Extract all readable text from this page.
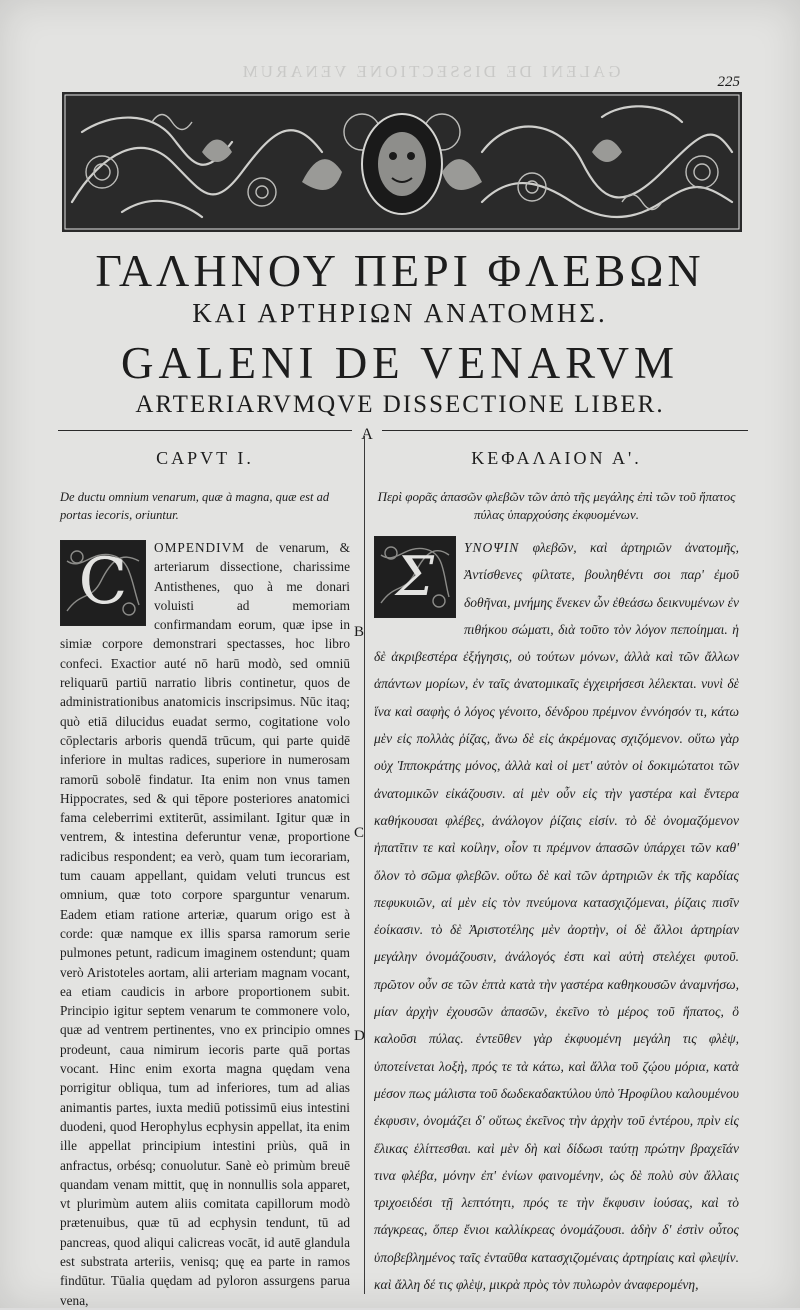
GALENI DE DISSECTIONE VENARUM
225
ΓΑΛΗΝΟΥ ΠΕΡΙ ΦΛΕΒΩΝ
ΚΑΙ ΑΡΤΗΡΙΩΝ ΑΝΑΤΟΜΗΣ.
GALENI DE VENARVM
ARTERIARVMQVE DISSECTIONE LIBER.
A
B
C
D
CAPVT I.
De ductu omnium venarum, quæ à magna, quæ est ad portas iecoris, oriuntur.
C	OMPENDIVM de venarum, & arteriarum dissectione, charissime Antisthenes, quo à me donari voluisti ad memoriam confirmandam eorum, quæ ipse in simiæ corpore demonstrari spectasses, hoc libro confeci. Exactior auté nō harū modò, sed omniū reliquarū partiū narratio libris continetur, quos de administrationibus anatomicis inscripsimus. Nūc itaq; quò etiā dilucidus euadat sermo, cogitatione volo cōplectaris arboris quendā trūcum, qui parte quidē inferiore in multas radices, superiore in numerosam ramorū sobolē findatur. Ita enim non vnus tamen Hippocrates, sed & qui tēpore posteriores anatomici fama celeberrimi extiterūt, assimilant. Igitur quæ in ventrem, & intestina deferuntur venæ, proportione radicibus respondent; ea verò, quam tum iecorariam, tum cauam appellant, quidam veluti truncus est omnium, quæ toto corpore sparguntur venarum. Eadem etiam ratione arteriæ, quarum origo est à corde: quæ namque ex illis sparsa ramorum serie pulmones petunt, radicum imaginem ostendunt; quam verò Aristoteles aortam, alii arteriam magnam vocant, ea etiam caudicis in arbore proportionem subit. Principio igitur septem venarum te commonere volo, quæ ad ventrem pertinentes, vno ex principio omnes prodeunt, caua nimirum iecoris parte quā portas vocant. Hinc enim exorta magna quędam vena porrigitur obliqua, tum ad inferiores, tum ad alias animantis partes, iuxta mediū potissimū eius intestini duodeni, quod Herophylus ecphysin appellat, ita enim ille appellat principium intestini priùs, quā in anfractus, orbésq; conuolutur. Sanè eò primùm breuē quandam venam mittit, quę in nonnullis sola apparet, vt plurimùm autem aliis comitata capillorum modò prætenuibus, quæ tū ad ecphysin tendunt, tū ad pancreas, quod aliqui calicreas vocāt, id autē glandula est substrata arteriis, venisq; quę ea parte in ramos findūtur. Tūalia quędam ad pyloron assurgens parua vena,
ΚΕΦΑΛΑΙΟΝ Α'.
Περὶ φορᾶς ἁπασῶν φλεβῶν τῶν ἀπὸ τῆς μεγάλης ἐπὶ τῶν τοῦ ἥπατος πύλας ὑπαρχούσης ἐκφυομένων.
Σ	ΥΝΟΨΙΝ φλεβῶν, καὶ ἀρτηριῶν ἀνατομῆς, Ἀντίσθενες φίλτατε, βουληθέντι σοι παρ' ἐμοῦ δοθῆναι, μνήμης ἕνεκεν ὧν ἐθεάσω δεικνυμένων ἐν πιθήκου σώματι, διὰ τοῦτο τὸν λόγον πεποίημαι. ἡ δὲ ἀκριβεστέρα ἐξήγησις, οὐ τούτων μόνων, ἀλλὰ καὶ τῶν ἄλλων ἁπάντων μορίων, ἐν ταῖς ἀνατομικαῖς ἐγχειρήσεσι λέλεκται. νυνὶ δὲ ἵνα καὶ σαφὴς ὁ λόγος γένοιτο, δένδρου πρέμνον ἐννόησόν τι, κάτω μὲν εἰς πολλὰς ῥίζας, ἄνω δὲ εἰς ἀκρέμονας σχιζόμενον. οὕτω γὰρ οὐχ Ἱπποκράτης μόνος, ἀλλὰ καὶ οἱ μετ' αὐτὸν οἱ δοκιμώτατοι τῶν ἀνατομικῶν εἰκάζουσιν. αἱ μὲν οὖν εἰς τὴν γαστέρα καὶ ἔντερα καθήκουσαι φλέβες, ἀνάλογον ῥίζαις εἰσίν. τὸ δὲ ὀνομαζόμενον ἡπατῖτιν τε καὶ κοίλην, οἷον τι πρέμνον ἁπασῶν ὑπάρχει τῶν καθ' ὅλον τὸ σῶμα φλεβῶν. οὕτω δὲ καὶ τῶν ἀρτηριῶν ἐκ τῆς καρδίας πεφυκυιῶν, αἱ μὲν εἰς τὸν πνεύμονα κατασχιζόμεναι, ῥίζαις πισῖν ἐοίκασιν. τὸ δὲ Ἀριστοτέλης μὲν ἀορτὴν, οἱ δὲ ἄλλοι ἀρτηρίαν μεγάλην ὀνομάζουσιν, ἀνάλογός ἐστι καὶ αὐτὴ στελέχει φυτοῦ. πρῶτον οὖν σε τῶν ἑπτὰ κατὰ τὴν γαστέρα καθηκουσῶν ἀναμνήσω, μίαν ἀρχὴν ἐχουσῶν ἁπασῶν, ἐκεῖνο τὸ μέρος τοῦ ἥπατος, ὃ καλοῦσι πύλας. ἐντεῦθεν γὰρ ἐκφυομένη μεγάλη τις φλὲψ, ὑποτείνεται λοξὴ, πρός τε τὰ κάτω, καὶ ἄλλα τοῦ ζῴου μόρια, κατὰ μέσον πως μάλιστα τοῦ δωδεκαδακτύλου ὑπὸ Ἡροφίλου καλουμένου ἐκφυσιν, ὀνομάζει δ' οὕτως ἐκεῖνος τὴν ἀρχὴν τοῦ ἐντέρου, πρὶν εἰς ἕλικας ἑλίττεσθαι. καὶ μὲν δὴ καὶ δίδωσι ταύτῃ πρώτην βραχεῖάν τινα φλέβα, μόνην ἐπ' ἐνίων φαινομένην, ὡς δὲ πολὺ σὺν ἄλλαις τριχοειδέσι τῇ λεπτότητι, πρός τε τὴν ἔκφυσιν ἰούσας, καὶ τὸ πάγκρεας, ὅπερ ἔνιοι καλλίκρεας ὀνομάζουσι. ἀδὴν δ' ἐστὶν οὗτος ὑποβεβλημένος ταῖς ἐνταῦθα κατασχιζομέναις ἀρτηρίαις καὶ φλεψίν. καὶ ἄλλη δέ τις φλὲψ, μικρὰ πρὸς τὸν πυλωρὸν ἀναφερομένη,
